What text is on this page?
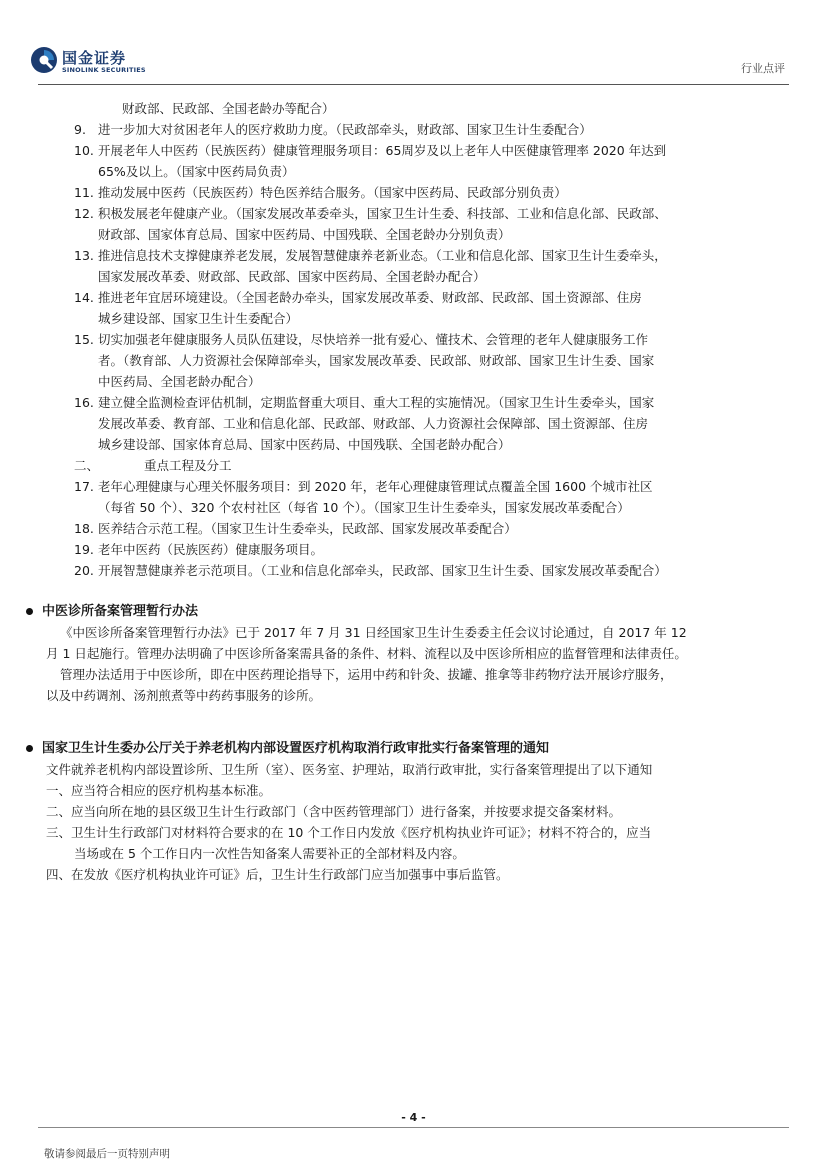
国金证券
SINOLINK SECURITIES	行业点评
财政部、民政部、全国老龄办等配合）
9. 进一步加大对贫困老年人的医疗救助力度。（民政部牵头，财政部、国家卫生计生委配合）
10. 开展老年人中医药（民族医药）健康管理服务项目：65周岁及以上老年人中医健康管理率 2020 年达到
65%及以上。（国家中医药局负责）
11. 推动发展中医药（民族医药）特色医养结合服务。（国家中医药局、民政部分别负责）
12. 积极发展老年健康产业。（国家发展改革委牵头，国家卫生计生委、科技部、工业和信息化部、民政部、
财政部、国家体育总局、国家中医药局、中国残联、全国老龄办分别负责）
13. 推进信息技术支撑健康养老发展，发展智慧健康养老新业态。（工业和信息化部、国家卫生计生委牵头，
国家发展改革委、财政部、民政部、国家中医药局、全国老龄办配合）
14. 推进老年宜居环境建设。（全国老龄办牵头，国家发展改革委、财政部、民政部、国土资源部、住房
城乡建设部、国家卫生计生委配合）
15. 切实加强老年健康服务人员队伍建设，尽快培养一批有爱心、懂技术、会管理的老年人健康服务工作
者。（教育部、人力资源社会保障部牵头，国家发展改革委、民政部、财政部、国家卫生计生委、国家
中医药局、全国老龄办配合）
16. 建立健全监测检查评估机制，定期监督重大项目、重大工程的实施情况。（国家卫生计生委牵头，国家
发展改革委、教育部、工业和信息化部、民政部、财政部、人力资源社会保障部、国土资源部、住房
城乡建设部、国家体育总局、国家中医药局、中国残联、全国老龄办配合）
二、	重点工程及分工
17. 老年心理健康与心理关怀服务项目：到 2020 年，老年心理健康管理试点覆盖全国 1600 个城市社区
（每省 50 个）、320 个农村社区（每省 10 个）。（国家卫生计生委牵头，国家发展改革委配合）
18. 医养结合示范工程。（国家卫生计生委牵头，民政部、国家发展改革委配合）
19. 老年中医药（民族医药）健康服务项目。
20. 开展智慧健康养老示范项目。（工业和信息化部牵头，民政部、国家卫生计生委、国家发展改革委配合）
中医诊所备案管理暂行办法
《中医诊所备案管理暂行办法》已于 2017 年 7 月 31 日经国家卫生计生委委主任会议讨论通过，自 2017 年 12
月 1 日起施行。管理办法明确了中医诊所备案需具备的条件、材料、流程以及中医诊所相应的监督管理和法律责任。
管理办法适用于中医诊所，即在中医药理论指导下，运用中药和针灸、拔罐、推拿等非药物疗法开展诊疗服务，
以及中药调剂、汤剂煎煮等中药药事服务的诊所。
国家卫生计生委办公厅关于养老机构内部设置医疗机构取消行政审批实行备案管理的通知
文件就养老机构内部设置诊所、卫生所（室）、医务室、护理站，取消行政审批，实行备案管理提出了以下通知
一、应当符合相应的医疗机构基本标准。
二、应当向所在地的县区级卫生计生行政部门（含中医药管理部门）进行备案，并按要求提交备案材料。
三、卫生计生行政部门对材料符合要求的在 10 个工作日内发放《医疗机构执业许可证》；材料不符合的，应当
当场或在 5 个工作日内一次性告知备案人需要补正的全部材料及内容。
四、在发放《医疗机构执业许可证》后，卫生计生行政部门应当加强事中事后监管。
- 4 -
敬请参阅最后一页特别声明
